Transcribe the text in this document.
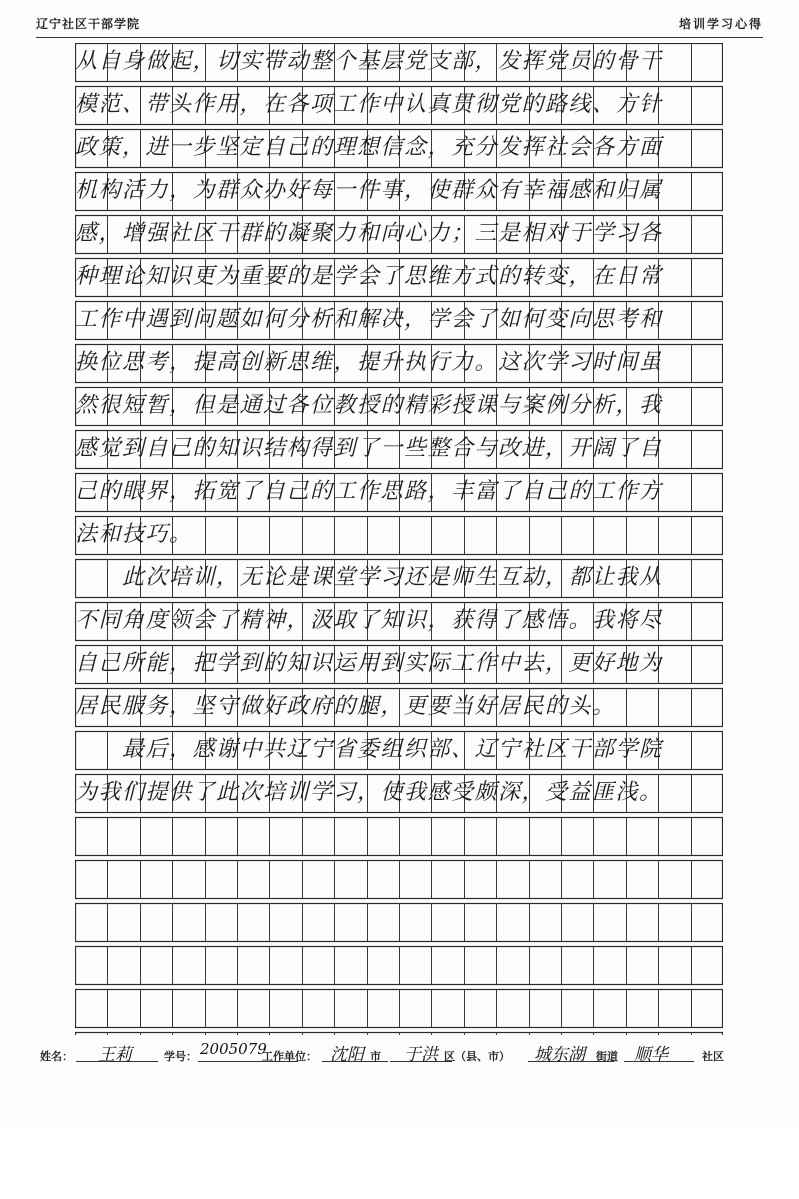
辽宁社区干部学院	培训学习心得
从自身做起，切实带动整个基层党支部，发挥党员的骨干
模范、带头作用，在各项工作中认真贯彻党的路线、方针
政策，进一步坚定自己的理想信念，充分发挥社会各方面
机构活力，为群众办好每一件事，使群众有幸福感和归属
感，增强社区干群的凝聚力和向心力；三是相对于学习各
种理论知识更为重要的是学会了思维方式的转变，在日常
工作中遇到问题如何分析和解决，学会了如何变向思考和
换位思考，提高创新思维，提升执行力。这次学习时间虽
然很短暂，但是通过各位教授的精彩授课与案例分析，我
感觉到自己的知识结构得到了一些整合与改进，开阔了自
己的眼界，拓宽了自己的工作思路，丰富了自己的工作方
法和技巧。
　　此次培训，无论是课堂学习还是师生互动，都让我从
不同角度领会了精神，汲取了知识，获得了感悟。我将尽
自己所能，把学到的知识运用到实际工作中去，更好地为
居民服务，坚守做好政府的腿，更要当好居民的头。
　　最后，感谢中共辽宁省委组织部、辽宁社区干部学院
为我们提供了此次培训学习，使我感受颇深，受益匪浅。
姓名： 王莉	学号： 2005079
工作单位： 沈阳 市 于洪 区（县、市） 城东湖 街道 顺华	社区
